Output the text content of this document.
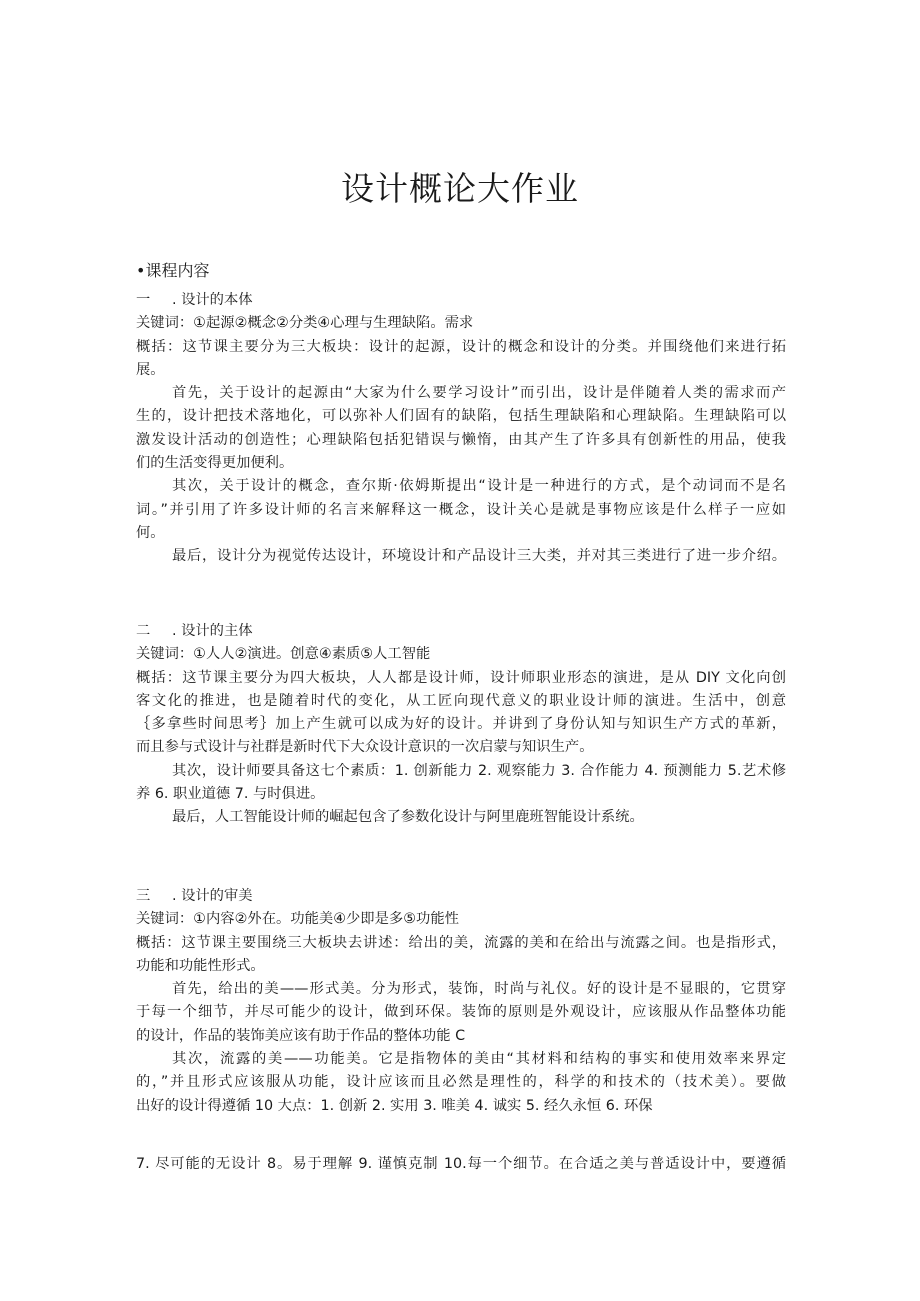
设计概论大作业
•课程内容
一 . 设计的本体
关键词：①起源②概念②分类④心理与生理缺陷。需求
概括：这节课主要分为三大板块：设计的起源，设计的概念和设计的分类。并围绕他们来进行拓
展。
首先，关于设计的起源由“大家为什么要学习设计”而引出，设计是伴随着人类的需求而产
生的，设计把技术落地化，可以弥补人们固有的缺陷，包括生理缺陷和心理缺陷。生理缺陷可以
激发设计活动的创造性；心理缺陷包括犯错误与懒惰，由其产生了许多具有创新性的用品，使我
们的生活变得更加便利。
其次，关于设计的概念，查尔斯·依姆斯提出“设计是一种进行的方式，是个动词而不是名
词。”并引用了许多设计师的名言来解释这一概念，设计关心是就是事物应该是什么样子一应如
何。
最后，设计分为视觉传达设计，环境设计和产品设计三大类，并对其三类进行了进一步介绍。
二 . 设计的主体
关键词：①人人②演进。创意④素质⑤人工智能
概括：这节课主要分为四大板块，人人都是设计师，设计师职业形态的演进，是从 DIY 文化向创
客文化的推进，也是随着时代的变化，从工匠向现代意义的职业设计师的演进。生活中，创意
｛多拿些时间思考｝加上产生就可以成为好的设计。并讲到了身份认知与知识生产方式的革新，
而且参与式设计与社群是新时代下大众设计意识的一次启蒙与知识生产。
其次，设计师要具备这七个素质：1. 创新能力 2. 观察能力 3. 合作能力 4. 预测能力 5.艺术修
养 6. 职业道德 7. 与时俱进。
最后，人工智能设计师的崛起包含了参数化设计与阿里鹿班智能设计系统。
三 . 设计的审美
关键词：①内容②外在。功能美④少即是多⑤功能性
概括：这节课主要围绕三大板块去讲述：给出的美，流露的美和在给出与流露之间。也是指形式，
功能和功能性形式。
首先，给出的美——形式美。分为形式，装饰，时尚与礼仪。好的设计是不显眼的，它贯穿
于每一个细节，并尽可能少的设计，做到环保。装饰的原则是外观设计，应该服从作品整体功能
的设计，作品的装饰美应该有助于作品的整体功能 C
其次，流露的美——功能美。它是指物体的美由“其材料和结构的事实和使用效率来界定
的，”并且形式应该服从功能，设计应该而且必然是理性的，科学的和技术的（技术美）。要做
出好的设计得遵循 10 大点：1. 创新 2. 实用 3. 唯美 4. 诚实 5. 经久永恒 6. 环保
7. 尽可能的无设计 8。易于理解 9. 谨慎克制 10.每一个细节。在合适之美与普适设计中，要遵循
